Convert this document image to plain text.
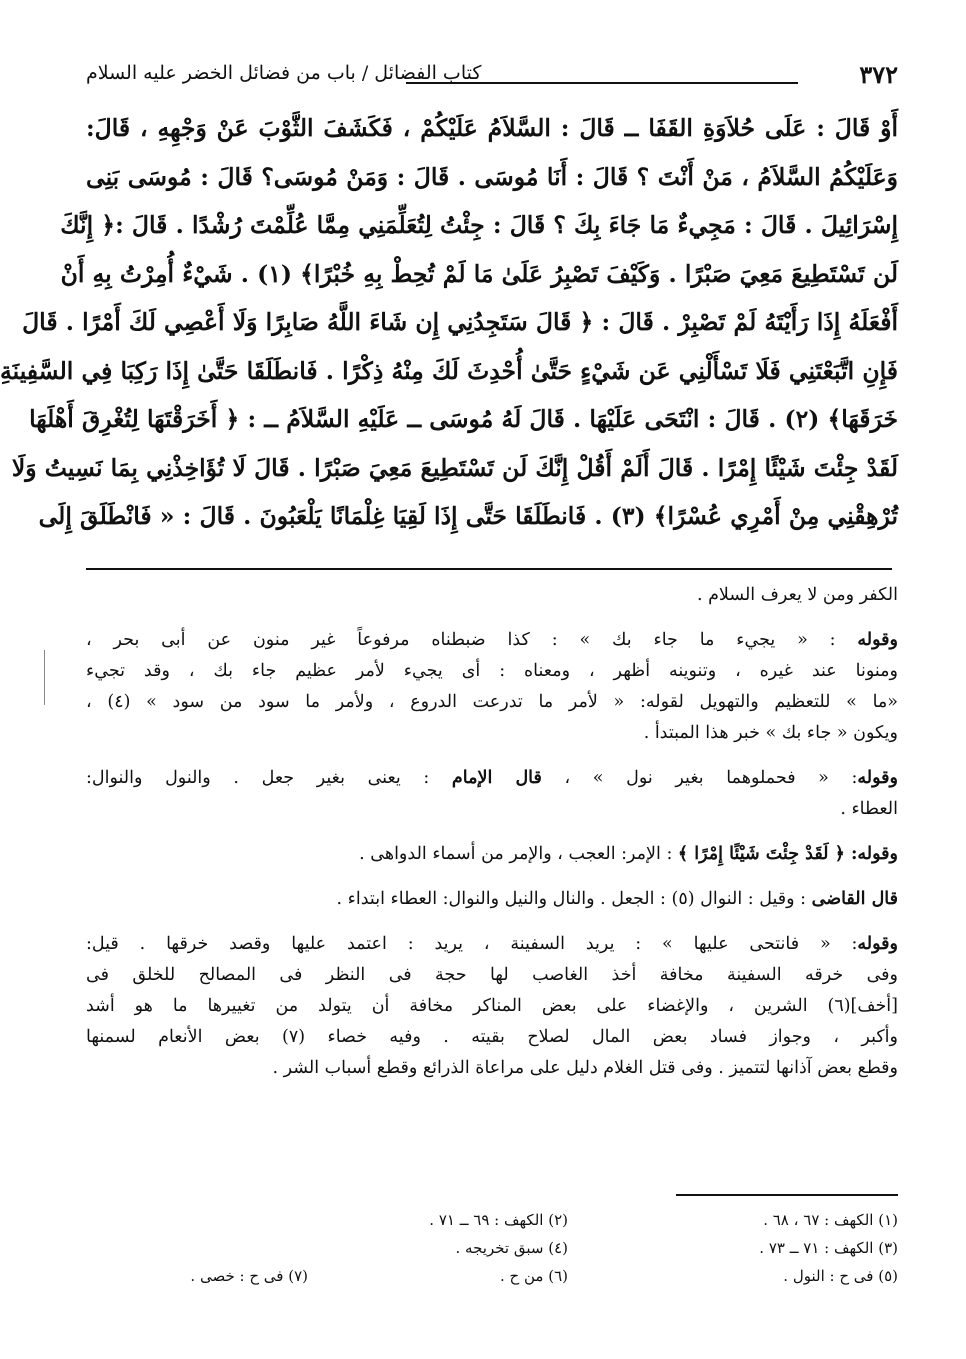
٣٧٢
كتاب الفضائل / باب من فضائل الخضر عليه السلام
أَوْ قَالَ : عَلَى حُلاَوَةِ القَفَا ــ قَالَ : السَّلاَمُ عَلَيْكُمْ ، فَكَشَفَ الثَّوْبَ عَنْ وَجْهِهِ ، قَالَ:
وَعَلَيْكُمُ السَّلاَمُ ، مَنْ أَنْتَ ؟ قَالَ : أَنَا مُوسَى . قَالَ : وَمَنْ مُوسَى؟ قَالَ : مُوسَى بَنِى
إِسْرَائِيلَ . قَالَ : مَجِيءٌ مَا جَاءَ بِكَ ؟ قَالَ : جِئْتُ لِتُعَلِّمَنِي مِمَّا عُلِّمْتَ رُشْدًا . قَالَ :﴿ إِنَّكَ
لَن تَسْتَطِيعَ مَعِيَ صَبْرًا . وَكَيْفَ تَصْبِرُ عَلَىٰ مَا لَمْ تُحِطْ بِهِ خُبْرًا﴾ (١) . شَيْءٌ أُمِرْتُ بِهِ أَنْ
أَفْعَلَهُ إِذَا رَأَيْتَهُ لَمْ تَصْبِرْ . قَالَ : ﴿ قَالَ سَتَجِدُنِي إِن شَاءَ اللَّهُ صَابِرًا وَلَا أَعْصِي لَكَ أَمْرًا . قَالَ
فَإِنِ اتَّبَعْتَنِي فَلَا تَسْأَلْنِي عَن شَيْءٍ حَتَّىٰ أُحْدِثَ لَكَ مِنْهُ ذِكْرًا . فَانطَلَقَا حَتَّىٰ إِذَا رَكِبَا فِي السَّفِينَةِ
خَرَقَهَا﴾ (٢) . قَالَ : انْتَحَى عَلَيْهَا . قَالَ لَهُ مُوسَى ــ عَلَيْهِ السَّلاَمُ ــ : ﴿ أَخَرَقْتَهَا لِتُغْرِقَ أَهْلَهَا
لَقَدْ جِئْتَ شَيْئًا إِمْرًا . قَالَ أَلَمْ أَقُلْ إِنَّكَ لَن تَسْتَطِيعَ مَعِيَ صَبْرًا . قَالَ لَا تُؤَاخِذْنِي بِمَا نَسِيتُ وَلَا
تُرْهِقْنِي مِنْ أَمْرِي عُسْرًا﴾ (٣) . فَانطَلَقَا حَتَّى إِذَا لَقِيَا غِلْمَانًا يَلْعَبُونَ . قَالَ : « فَانْطَلَقَ إِلَى
الكفر ومن لا يعرف السلام .
وقوله : « يجيء ما جاء بك » : كذا ضبطناه مرفوعاً غير منون عن أبى بحر ،
ومنونا عند غيره ، وتنوينه أظهر ، ومعناه : أى يجيء لأمر عظيم جاء بك ، وقد تجيء
«ما » للتعظيم والتهويل لقوله: « لأمر ما تدرعت الدروع ، ولأمر ما سود من سود » (٤) ،
ويكون « جاء بك » خبر هذا المبتدأ .
وقوله: « فحملوهما بغير نول » ، قال الإمام : يعنى بغير جعل . والنول والنوال:
العطاء .
وقوله: ﴿ لَقَدْ جِئْتَ شَيْئًا إِمْرًا ﴾ : الإمر: العجب ، والإمر من أسماء الدواهى .
قال القاضى : وقيل : النوال (٥) : الجعل . والنال والنيل والنوال: العطاء ابتداء .
وقوله: « فانتحى عليها » : يريد السفينة ، يريد : اعتمد عليها وقصد خرقها . قيل:
وفى خرقه السفينة مخافة أخذ الغاصب لها حجة فى النظر فى المصالح للخلق فى
[أخف](٦) الشرين ، والإغضاء على بعض المناكر مخافة أن يتولد من تغييرها ما هو أشد
وأكبر ، وجواز فساد بعض المال لصلاح بقيته . وفيه خصاء (٧) بعض الأنعام لسمنها
وقطع بعض آذانها لتتميز . وفى قتل الغلام دليل على مراعاة الذرائع وقطع أسباب الشر .
(١) الكهف : ٦٧ ، ٦٨ .
(٢) الكهف : ٦٩ ــ ٧١ .
(٣) الكهف : ٧١ ــ ٧٣ .
(٤) سبق تخريجه .
(٥) فى ح : النول .
(٦) من ح .
(٧) فى ح : خصى .
